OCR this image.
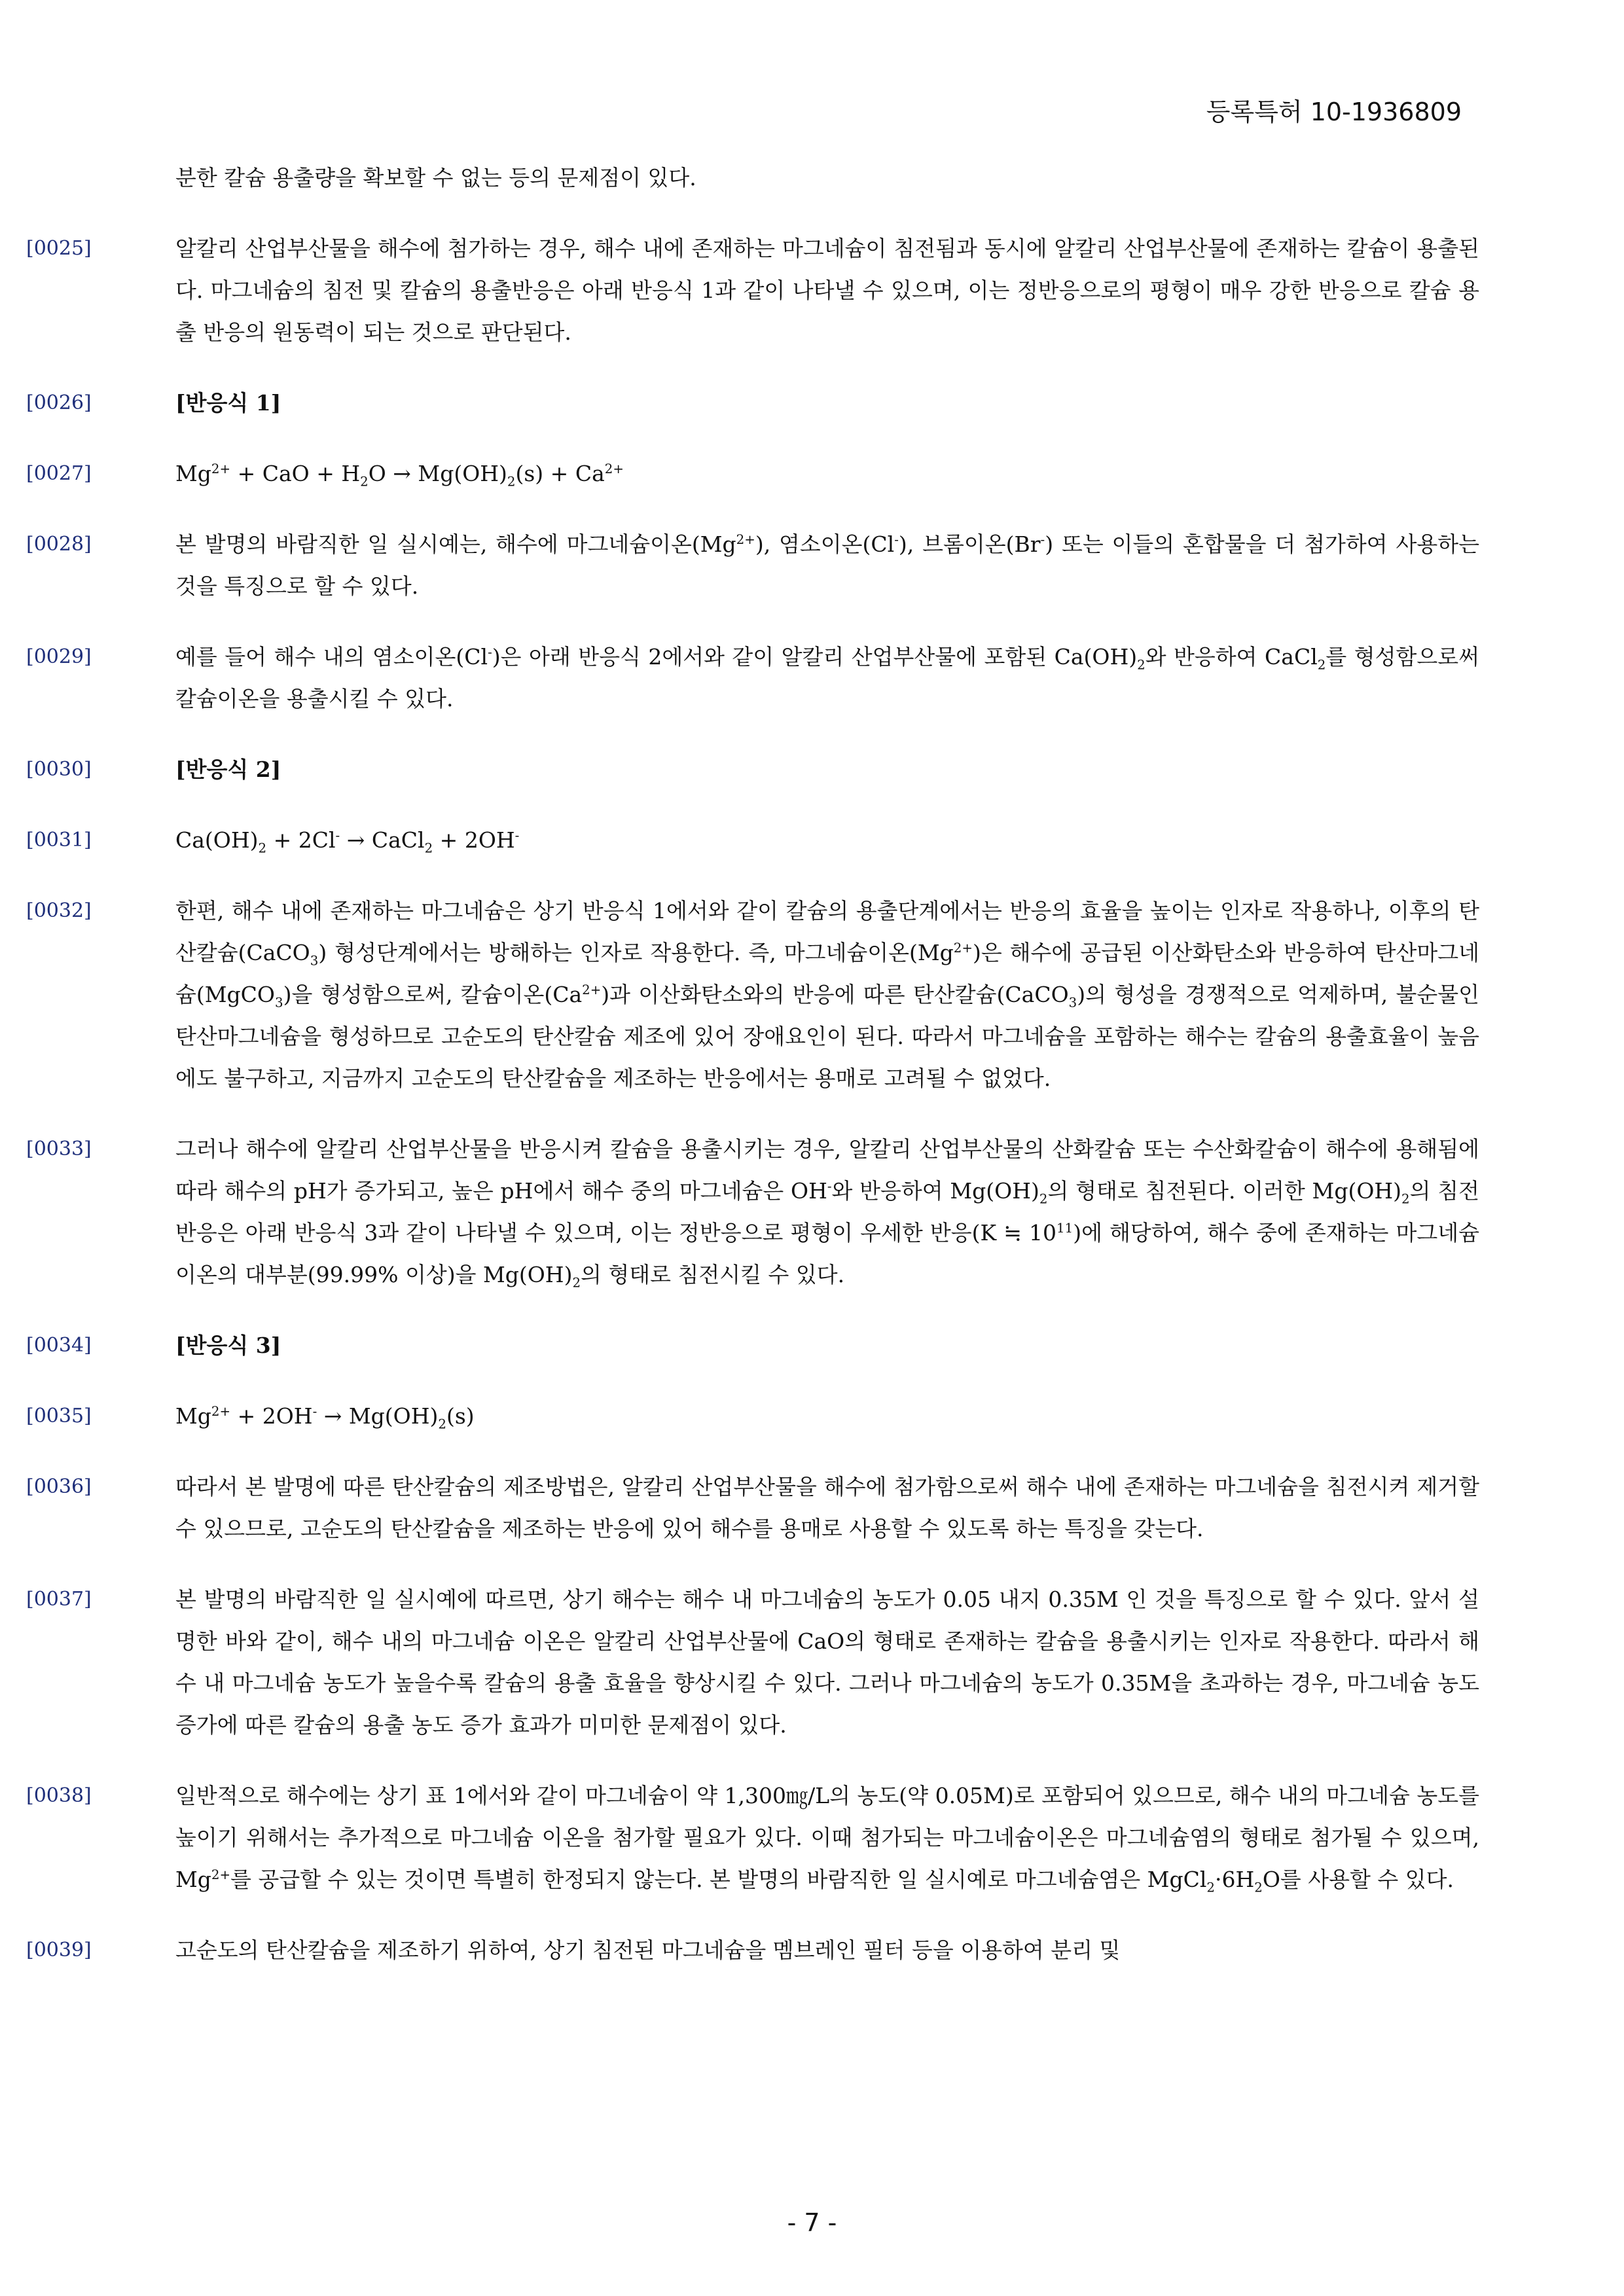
등록특허 10-1936809
분한 칼슘 용출량을 확보할 수 없는 등의 문제점이 있다.
[0025]	알칼리 산업부산물을 해수에 첨가하는 경우, 해수 내에 존재하는 마그네슘이 침전됨과 동시에 알칼리 산업부산물에 존재하는 칼슘이 용출된다. 마그네슘의 침전 및 칼슘의 용출반응은 아래 반응식 1과 같이 나타낼 수 있으며, 이는 정반응으로의 평형이 매우 강한 반응으로 칼슘 용출 반응의 원동력이 되는 것으로 판단된다.
[0026]	[반응식 1]
[0027]	$Mg^{2+}$ + CaO + $H_2O \to Mg(OH)_2(s) + Ca^{2+}$
[0028]	본 발명의 바람직한 일 실시예는, 해수에 마그네슘이온$(Mg^{2+})$, 염소이온(Cl-), 브롬이온(Br-) 또는 이들의 혼합물을 더 첨가하여 사용하는 것을 특징으로 할 수 있다.
[0029]	예를 들어 해수 내의 염소이온(Cl-)은 아래 반응식 2에서와 같이 알칼리 산업부산물에 포함된 $Ca(OH)_2$와 반응하여 CaCl$_2$를 형성함으로써 칼슘이온을 용출시킬 수 있다.
[0030]	[반응식 2]
[0031]	$Ca(OH)_2 + 2Cl^-$ → CaCl$_2$ + 2OH-
[0032]	한편, 해수 내에 존재하는 마그네슘은 상기 반응식 1에서와 같이 칼슘의 용출단계에서는 반응의 효율을 높이는 인자로 작용하나, 이후의 탄산칼슘(CaCO$_3$) 형성단계에서는 방해하는 인자로 작용한다. 즉, 마그네슘이온$(Mg^{2+})$은 해수에 공급된 이산화탄소와 반응하여 탄산마그네슘(MgCO$_3$)을 형성함으로써, 칼슘이온$(Ca^{2+})$과 이산화탄소와의 반응에 따른 탄산칼슘(CaCO$_3$)의 형성을 경쟁적으로 억제하며, 불순물인 탄산마그네슘을 형성하므로 고순도의 탄산칼슘 제조에 있어 장애요인이 된다. 따라서 마그네슘을 포함하는 해수는 칼슘의 용출효율이 높음에도 불구하고, 지금까지 고순도의 탄산칼슘을 제조하는 반응에서는 용매로 고려될 수 없었다.
[0033]	그러나 해수에 알칼리 산업부산물을 반응시켜 칼슘을 용출시키는 경우, 알칼리 산업부산물의 산화칼슘 또는 수산화칼슘이 해수에 용해됨에 따라 해수의 pH가 증가되고, 높은 pH에서 해수 중의 마그네슘은 OH-와 반응하여 $Mg(OH)_2$의 형태로 침전된다. 이러한 $Mg(OH)_2$의 침전반응은 아래 반응식 3과 같이 나타낼 수 있으며, 이는 정반응으로 평형이 우세한 반응(K ≒ $10^{11}$)에 해당하여, 해수 중에 존재하는 마그네슘 이온의 대부분(99.99% 이상)을 $Mg(OH)_2$의 형태로 침전시킬 수 있다.
[0034]	[반응식 3]
[0035]	$Mg^{2+} + 2OH^- \to Mg(OH)_2(s)$
[0036]	따라서 본 발명에 따른 탄산칼슘의 제조방법은, 알칼리 산업부산물을 해수에 첨가함으로써 해수 내에 존재하는 마그네슘을 침전시켜 제거할 수 있으므로, 고순도의 탄산칼슘을 제조하는 반응에 있어 해수를 용매로 사용할 수 있도록 하는 특징을 갖는다.
[0037]	본 발명의 바람직한 일 실시예에 따르면, 상기 해수는 해수 내 마그네슘의 농도가 0.05 내지 0.35M 인 것을 특징으로 할 수 있다. 앞서 설명한 바와 같이, 해수 내의 마그네슘 이온은 알칼리 산업부산물에 CaO의 형태로 존재하는 칼슘을 용출시키는 인자로 작용한다. 따라서 해수 내 마그네슘 농도가 높을수록 칼슘의 용출 효율을 향상시킬 수 있다. 그러나 마그네슘의 농도가 0.35M을 초과하는 경우, 마그네슘 농도 증가에 따른 칼슘의 용출 농도 증가 효과가 미미한 문제점이 있다.
[0038]	일반적으로 해수에는 상기 표 1에서와 같이 마그네슘이 약 1,300㎎/L의 농도(약 0.05M)로 포함되어 있으므로, 해수 내의 마그네슘 농도를 높이기 위해서는 추가적으로 마그네슘 이온을 첨가할 필요가 있다. 이때 첨가되는 마그네슘이온은 마그네슘염의 형태로 첨가될 수 있으며, $Mg^{2+}$를 공급할 수 있는 것이면 특별히 한정되지 않는다. 본 발명의 바람직한 일 실시예로 마그네슘염은 $MgCl_2\cdot 6H_2O$를 사용할 수 있다.
[0039]	고순도의 탄산칼슘을 제조하기 위하여, 상기 침전된 마그네슘을 멤브레인 필터 등을 이용하여 분리 및
- 7 -
